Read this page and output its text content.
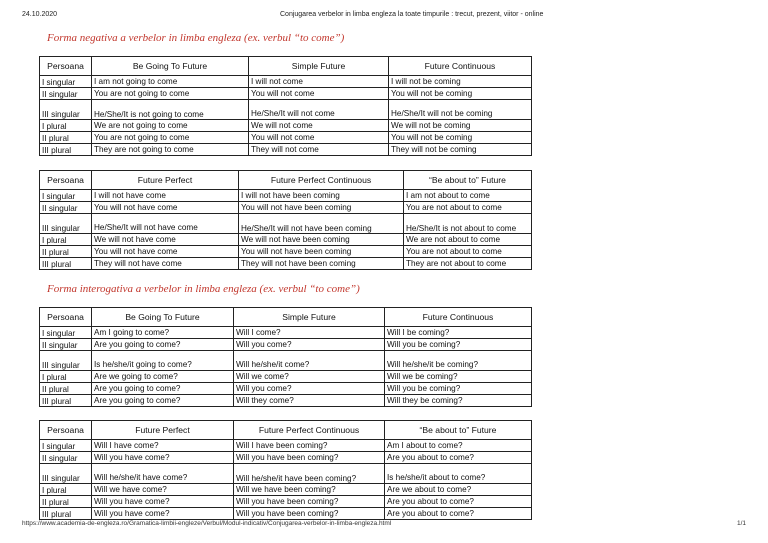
24.10.2020	Conjugarea verbelor in limba engleza la toate timpurile : trecut, prezent, viitor - online
Forma negativa a verbelor in limba engleza (ex. verbul “to come”)
Persoana	Be Going To Future	Simple Future	Future Continuous
I singular	I am not going to come	I will not come	I will not be coming
II singular	You are not going to come	You will not come	You will not be coming
III singular	He/She/It is not going to come	He/She/It will not come	He/She/It will not be coming
I plural	We are not going to come	We will not come	We will not be coming
II plural	You are not going to come	You will not come	You will not be coming
III plural	They are not going to come	They will not come	They will not be coming
Persoana	Future Perfect	Future Perfect Continuous	“Be about to” Future
I singular	I will not have come	I will not have been coming	I am not about to come
II singular	You will not have come	You will not have been coming	You are not about to come
III singular	He/She/It will not have come	He/She/It will not have been coming	He/She/It is not about to come
I plural	We will not have come	We will not have been coming	We are not about to come
II plural	You will not have come	You will not have been coming	You are not about to come
III plural	They will not have come	They will not have been coming	They are not about to come
Forma interogativa a verbelor in limba engleza (ex. verbul “to come”)
Persoana	Be Going To Future	Simple Future	Future Continuous
I singular	Am I going to come?	Will I come?	Will I be coming?
II singular	Are you going to come?	Will you come?	Will you be coming?
III singular	Is he/she/it going to come?	Will he/she/it come?	Will he/she/it be coming?
I plural	Are we going to come?	Will we come?	Will we be coming?
II plural	Are you going to come?	Will you come?	Will you be coming?
III plural	Are you going to come?	Will they come?	Will they be coming?
Persoana	Future Perfect	Future Perfect Continuous	“Be about to” Future
I singular	Will I have come?	Will I have been coming?	Am I about to come?
II singular	Will you have come?	Will you have been coming?	Are you about to come?
III singular	Will he/she/it have come?	Will he/she/it have been coming?	Is he/she/it about to come?
I plural	Will we have come?	Will we have been coming?	Are we about to come?
II plural	Will you have come?	Will you have been coming?	Are you about to come?
III plural	Will you have come?	Will you have been coming?	Are you about to come?
https://www.academia-de-engleza.ro/Gramatica-limbii-engleze/Verbul/Modul-indicativ/Conjugarea-verbelor-in-limba-engleza.html	1/1
